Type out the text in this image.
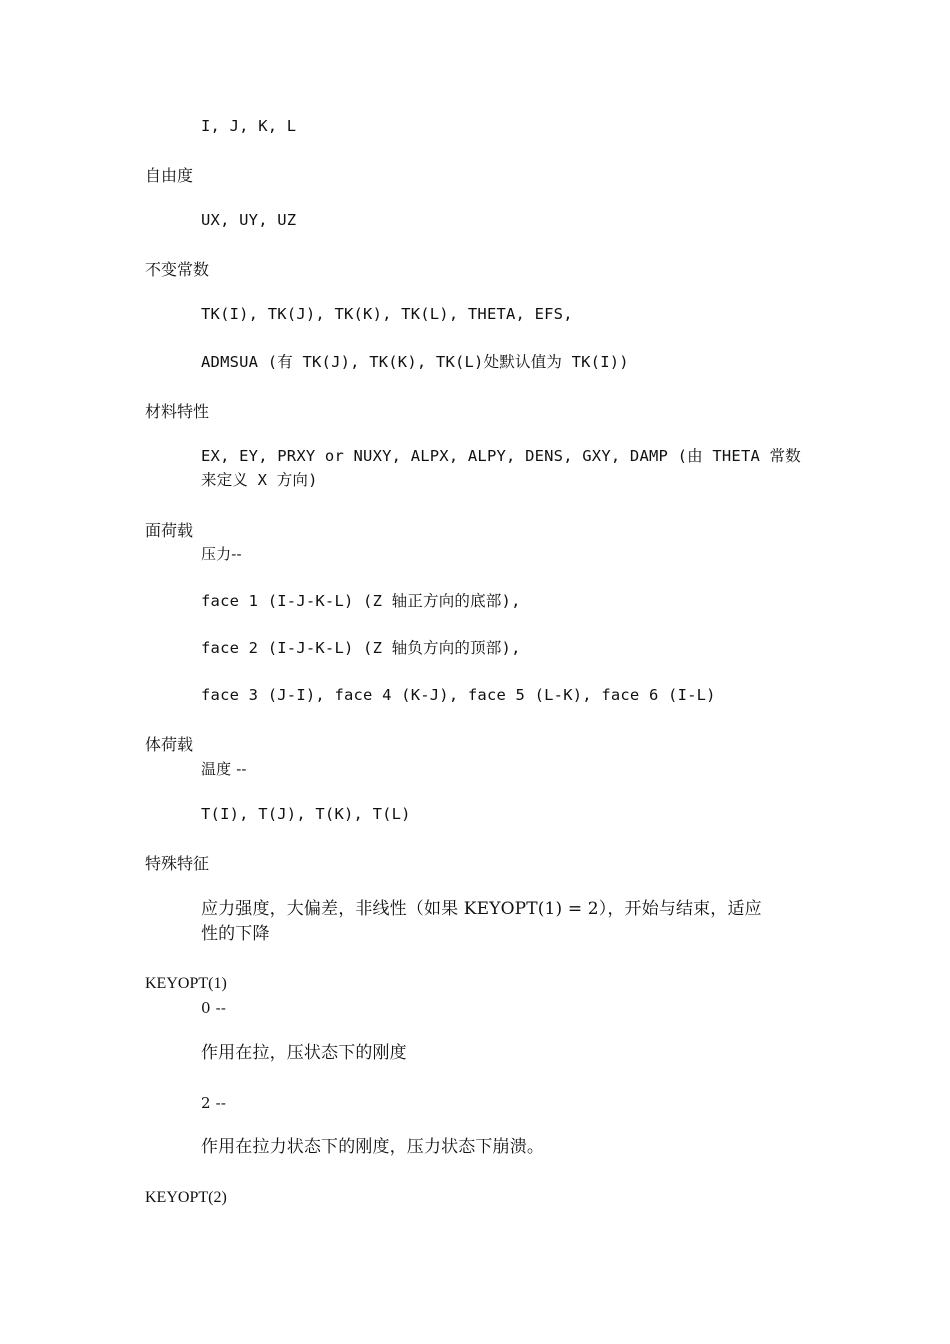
I, J, K, L
自由度
UX, UY, UZ
不变常数
TK(I), TK(J), TK(K), TK(L), THETA, EFS,
ADMSUA (有 TK(J), TK(K), TK(L)处默认值为 TK(I))
材料特性
EX, EY, PRXY or NUXY, ALPX, ALPY, DENS, GXY, DAMP (由 THETA 常数
来定义 X 方向)
面荷载
压力--
face 1 (I-J-K-L) (Z 轴正方向的底部),
face 2 (I-J-K-L) (Z 轴负方向的顶部),
face 3 (J-I), face 4 (K-J), face 5 (L-K), face 6 (I-L)
体荷载
温度 --
T(I), T(J), T(K), T(L)
特殊特征
应力强度，大偏差，非线性（如果 KEYOPT(1) = 2），开始与结束，适应
性的下降
KEYOPT(1)
0 --
作用在拉，压状态下的刚度
2 --
作用在拉力状态下的刚度，压力状态下崩溃。
KEYOPT(2)
